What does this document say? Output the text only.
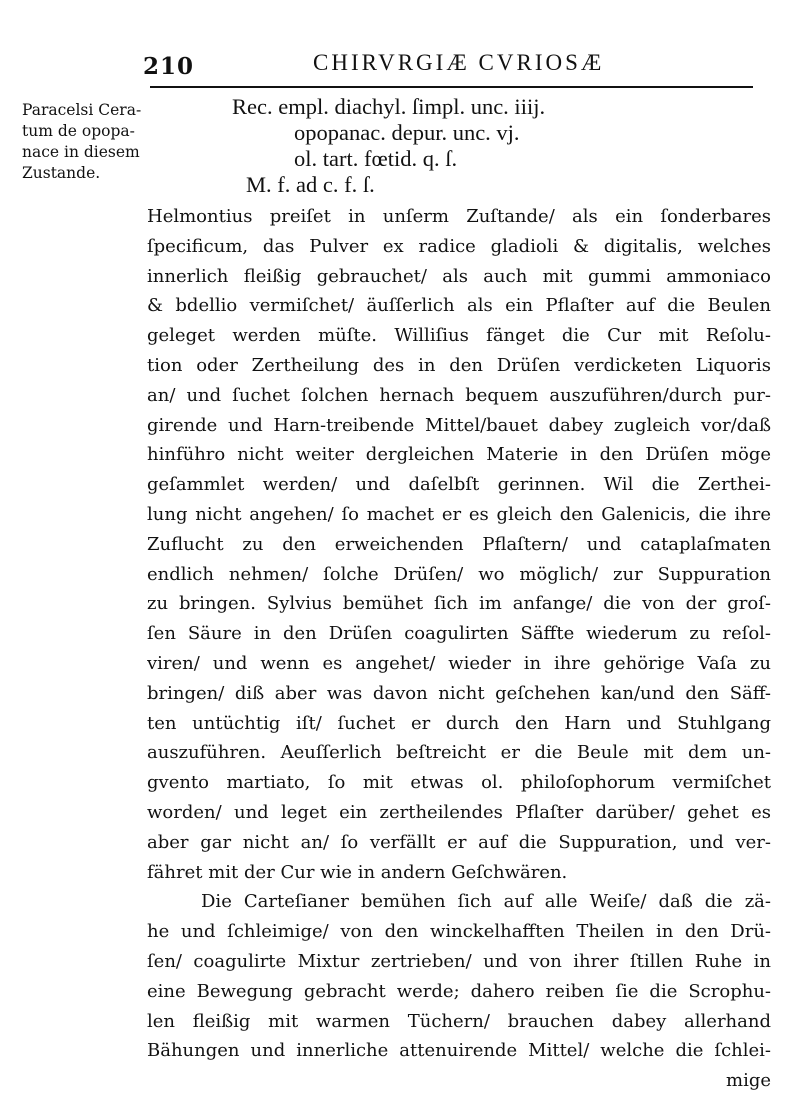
210	CHIRVRGIÆ CVRIOSÆ
Paracelsi Cera-
tum de opopa-
nace in diesem
Zustande.
Rec. empl. diachyl. ſimpl. unc. iiij.
opopanac. depur. unc. vj.
ol. tart. fœtid. q. ſ.
M. f. ad c. f. ſ.
Helmontius preiſet in unſerm Zuſtande/ als ein ſonderbares
ſpecificum, das Pulver ex radice gladioli & digitalis, welches
innerlich fleißig gebrauchet/ als auch mit gummi ammoniaco
& bdellio vermiſchet/ äuſſerlich als ein Pflaſter auf die Beulen
geleget werden müſte. Williſius fänget die Cur mit Reſolu-
tion oder Zertheilung des in den Drüſen verdicketen Liquoris
an/ und ſuchet ſolchen hernach bequem auszuführen/durch pur-
girende und Harn-treibende Mittel/bauet dabey zugleich vor/daß
hinführo nicht weiter dergleichen Materie in den Drüſen möge
geſammlet werden/ und daſelbſt gerinnen. Wil die Zerthei-
lung nicht angehen/ ſo machet er es gleich den Galenicis, die ihre
Zuflucht zu den erweichenden Pflaſtern/ und cataplaſmaten
endlich nehmen/ ſolche Drüſen/ wo möglich/ zur Suppuration
zu bringen. Sylvius bemühet ſich im anfange/ die von der groſ-
ſen Säure in den Drüſen coagulirten Säffte wiederum zu reſol-
viren/ und wenn es angehet/ wieder in ihre gehörige Vaſa zu
bringen/ diß aber was davon nicht geſchehen kan/und den Säff-
ten untüchtig iſt/ ſuchet er durch den Harn und Stuhlgang
auszuführen. Aeuſſerlich beſtreicht er die Beule mit dem un-
gvento martiato, ſo mit etwas ol. philoſophorum vermiſchet
worden/ und leget ein zertheilendes Pflaſter darüber/ gehet es
aber gar nicht an/ ſo verfällt er auf die Suppuration, und ver-
fähret mit der Cur wie in andern Geſchwären.
Die Carteſianer bemühen ſich auf alle Weiſe/ daß die zä-
he und ſchleimige/ von den winckelhafften Theilen in den Drü-
ſen/ coagulirte Mixtur zertrieben/ und von ihrer ſtillen Ruhe in
eine Bewegung gebracht werde; dahero reiben ſie die Scrophu-
len fleißig mit warmen Tüchern/ brauchen dabey allerhand
Bähungen und innerliche attenuirende Mittel/ welche die ſchlei-
mige
